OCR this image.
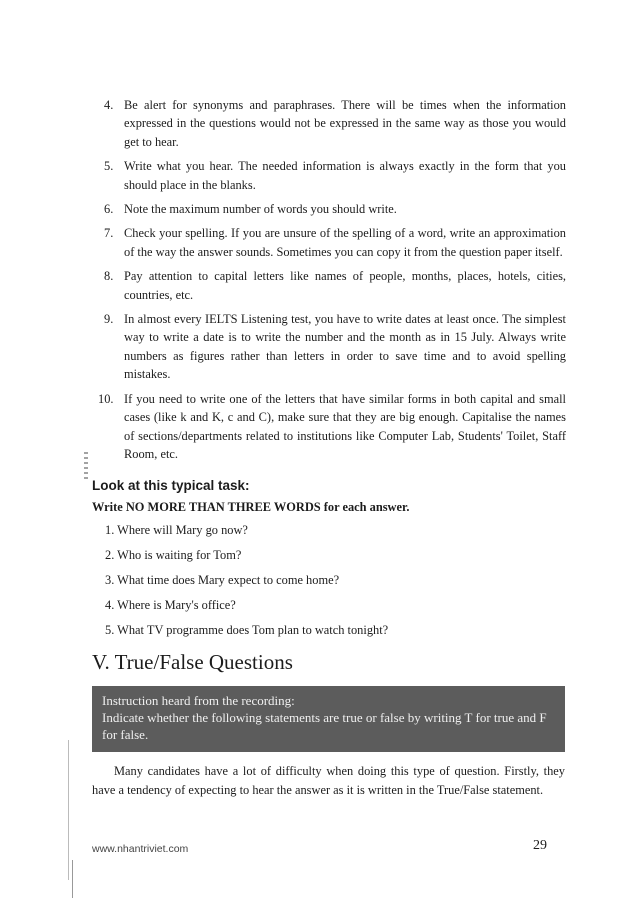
4. Be alert for synonyms and paraphrases. There will be times when the information expressed in the questions would not be expressed in the same way as those you would get to hear.
5. Write what you hear. The needed information is always exactly in the form that you should place in the blanks.
6. Note the maximum number of words you should write.
7. Check your spelling. If you are unsure of the spelling of a word, write an approximation of the way the answer sounds. Sometimes you can copy it from the question paper itself.
8. Pay attention to capital letters like names of people, months, places, hotels, cities, countries, etc.
9. In almost every IELTS Listening test, you have to write dates at least once. The simplest way to write a date is to write the number and the month as in 15 July. Always write numbers as figures rather than letters in order to save time and to avoid spelling mistakes.
10. If you need to write one of the letters that have similar forms in both capital and small cases (like k and K, c and C), make sure that they are big enough. Capitalise the names of sections/departments related to institutions like Computer Lab, Students' Toilet, Staff Room, etc.
Look at this typical task:
Write NO MORE THAN THREE WORDS for each answer.
1. Where will Mary go now?
2. Who is waiting for Tom?
3. What time does Mary expect to come home?
4. Where is Mary's office?
5. What TV programme does Tom plan to watch tonight?
V. True/False Questions
Instruction heard from the recording:
Indicate whether the following statements are true or false by writing T for true and F for false.
Many candidates have a lot of difficulty when doing this type of question. Firstly, they have a tendency of expecting to hear the answer as it is written in the True/False statement.
www.nhantriviet.com	29
